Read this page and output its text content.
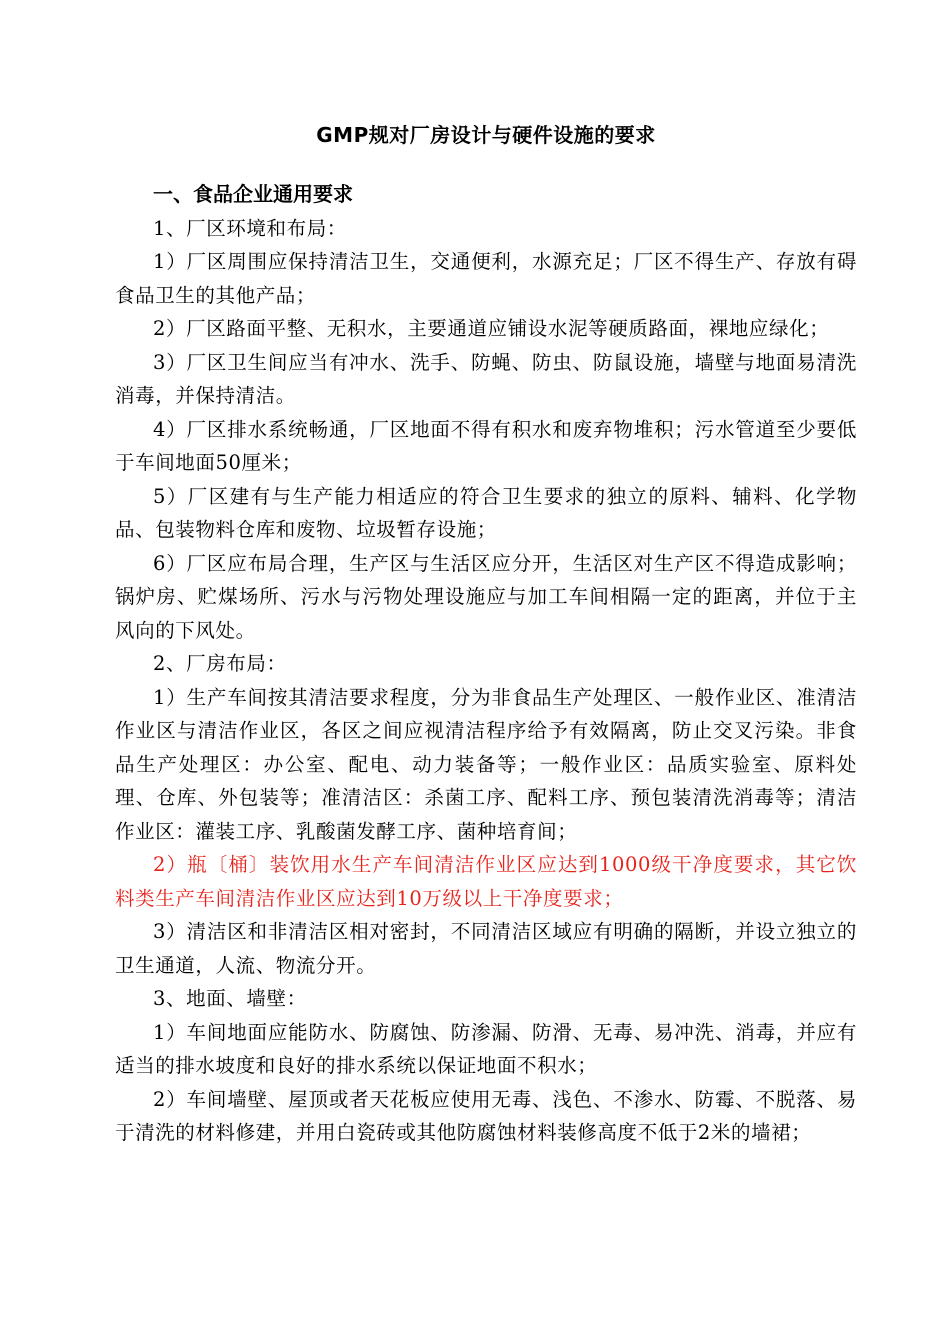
GMP规对厂房设计与硬件设施的要求
一、食品企业通用要求

1、厂区环境和布局：

1）厂区周围应保持清洁卫生，交通便利，水源充足；厂区不得生产、存放有碍食品卫生的其他产品；

2）厂区路面平整、无积水，主要通道应铺设水泥等硬质路面，裸地应绿化；

3）厂区卫生间应当有冲水、洗手、防蝇、防虫、防鼠设施，墙壁与地面易清洗消毒，并保持清洁。

4）厂区排水系统畅通，厂区地面不得有积水和废弃物堆积；污水管道至少要低于车间地面50厘米；

5）厂区建有与生产能力相适应的符合卫生要求的独立的原料、辅料、化学物品、包装物料仓库和废物、垃圾暂存设施；

6）厂区应布局合理，生产区与生活区应分开，生活区对生产区不得造成影响；锅炉房、贮煤场所、污水与污物处理设施应与加工车间相隔一定的距离，并位于主风向的下风处。

2、厂房布局：

1）生产车间按其清洁要求程度，分为非食品生产处理区、一般作业区、准清洁作业区与清洁作业区，各区之间应视清洁程序给予有效隔离，防止交叉污染。非食品生产处理区：办公室、配电、动力装备等；一般作业区：品质实验室、原料处理、仓库、外包装等；准清洁区：杀菌工序、配料工序、预包装清洗消毒等；清洁作业区：灌装工序、乳酸菌发酵工序、菌种培育间；

2）瓶〔桶〕装饮用水生产车间清洁作业区应达到1000级干净度要求，其它饮料类生产车间清洁作业区应达到10万级以上干净度要求；

3）清洁区和非清洁区相对密封，不同清洁区域应有明确的隔断，并设立独立的卫生通道，人流、物流分开。

3、地面、墙壁：

1）车间地面应能防水、防腐蚀、防渗漏、防滑、无毒、易冲洗、消毒，并应有适当的排水坡度和良好的排水系统以保证地面不积水；

2）车间墙壁、屋顶或者天花板应使用无毒、浅色、不渗水、防霉、不脱落、易于清洗的材料修建，并用白瓷砖或其他防腐蚀材料装修高度不低于2米的墙裙；
